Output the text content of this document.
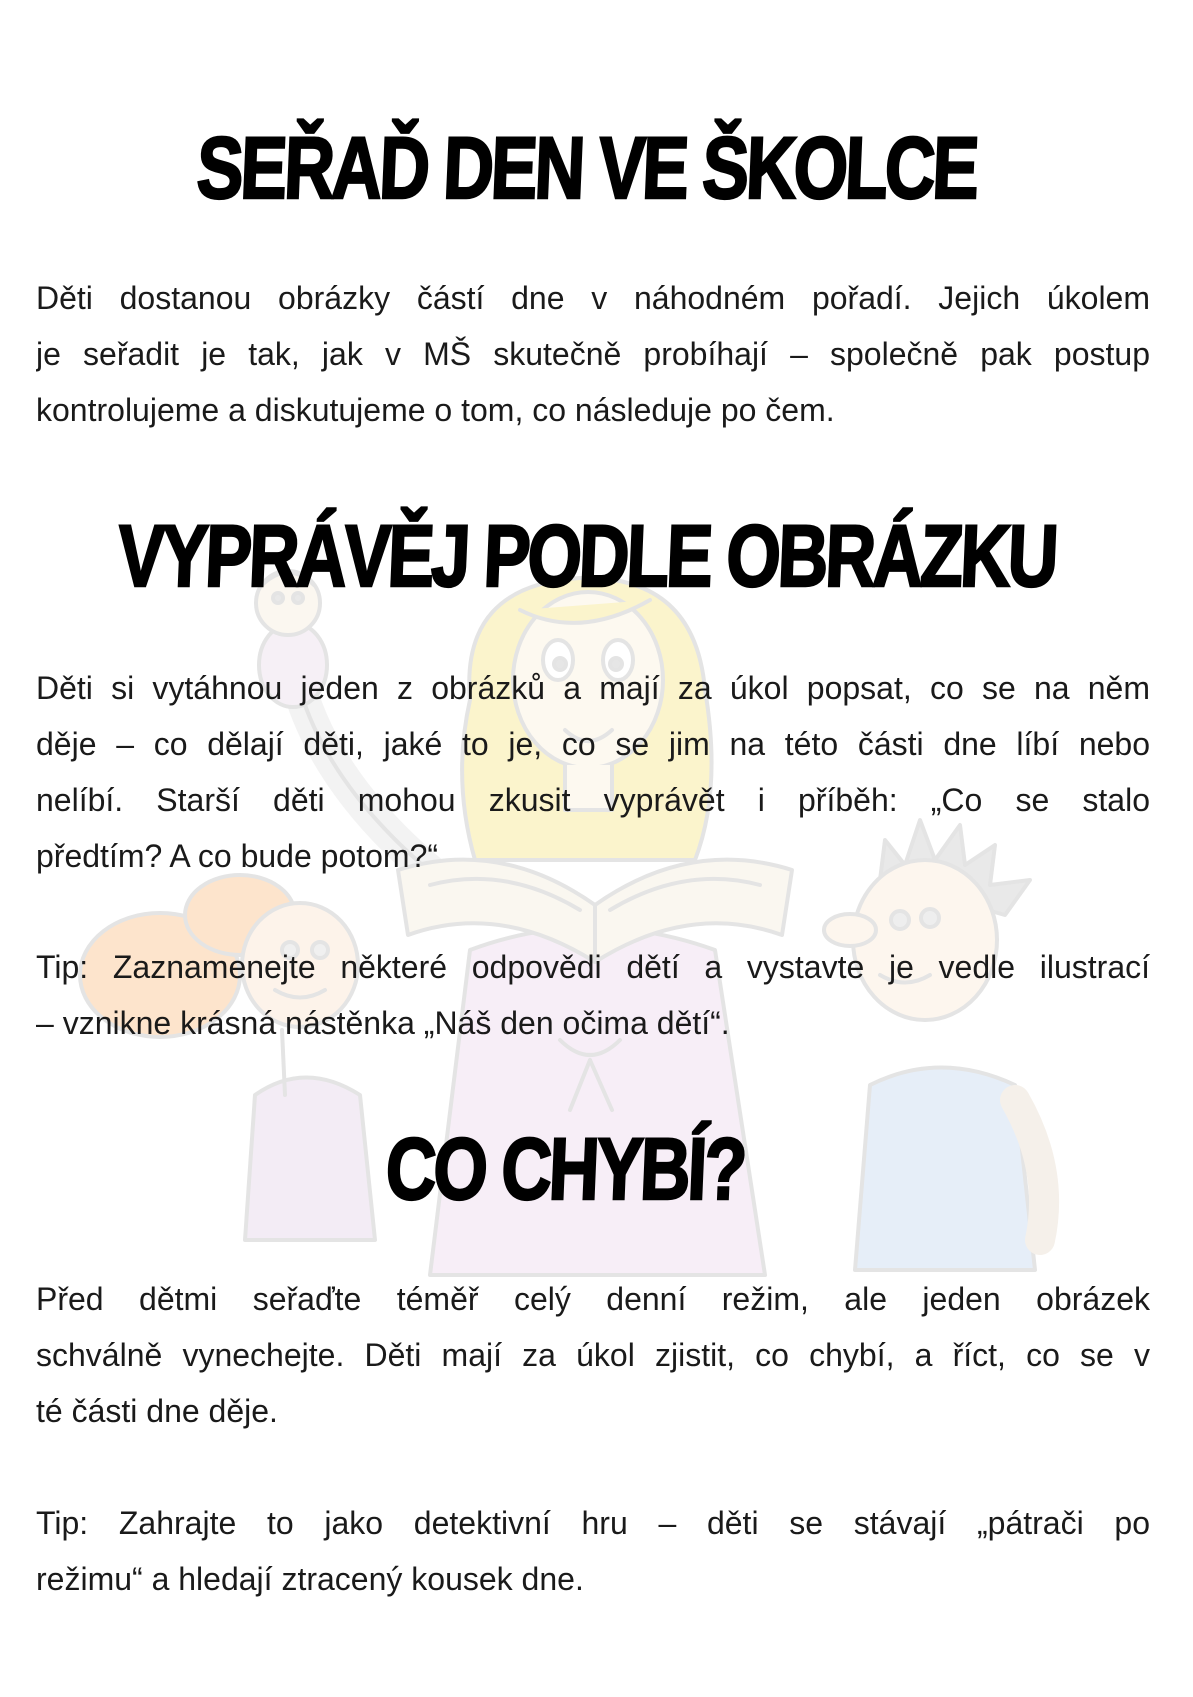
SEŘAĎ DEN VE ŠKOLCE
Děti dostanou obrázky částí dne v náhodném pořadí. Jejich úkolem
je seřadit je tak, jak v MŠ skutečně probíhají – společně pak postup
kontrolujeme a diskutujeme o tom, co následuje po čem.
VYPRÁVĚJ PODLE OBRÁZKU
Děti si vytáhnou jeden z obrázků a mají za úkol popsat, co se na něm
děje – co dělají děti, jaké to je, co se jim na této části dne líbí nebo
nelíbí. Starší děti mohou zkusit vyprávět i příběh: „Co se stalo
předtím? A co bude potom?“
Tip: Zaznamenejte některé odpovědi dětí a vystavte je vedle ilustrací
– vznikne krásná nástěnka „Náš den očima dětí“.
CO CHYBÍ?
Před dětmi seřaďte téměř celý denní režim, ale jeden obrázek
schválně vynechejte. Děti mají za úkol zjistit, co chybí, a říct, co se v
té části dne děje.
Tip: Zahrajte to jako detektivní hru – děti se stávají „pátrači po
režimu“ a hledají ztracený kousek dne.
